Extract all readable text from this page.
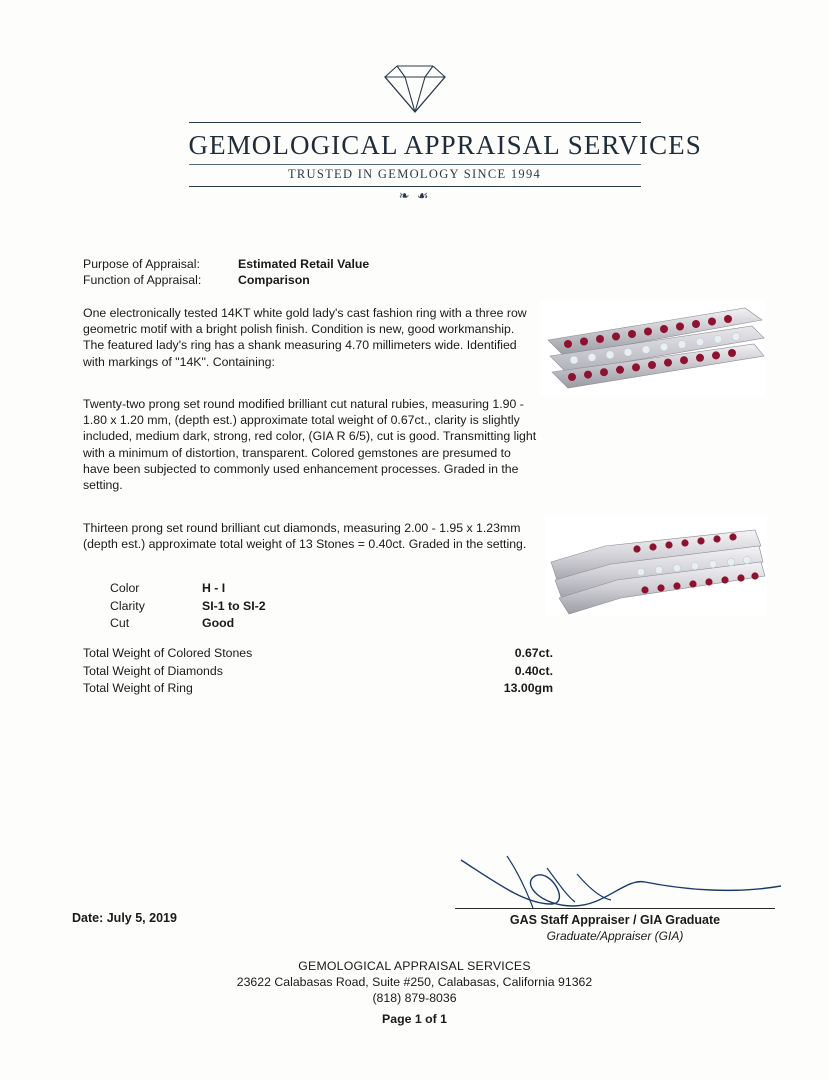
GEMOLOGICAL APPRAISAL SERVICES
TRUSTED IN GEMOLOGY SINCE 1994
❧ ☙
Purpose of Appraisal:	Estimated Retail Value
Function of Appraisal:	Comparison
One electronically tested 14KT white gold lady's cast fashion ring with a three row geometric motif with a bright polish finish. Condition is new, good workmanship. The featured lady's ring has a shank measuring 4.70 millimeters wide. Identified with markings of "14K". Containing:
Twenty-two prong set round modified brilliant cut natural rubies, measuring 1.90 - 1.80 x 1.20 mm, (depth est.) approximate total weight of 0.67ct., clarity is slightly included, medium dark, strong, red color, (GIA R 6/5), cut is good. Transmitting light with a minimum of distortion, transparent. Colored gemstones are presumed to have been subjected to commonly used enhancement processes. Graded in the setting.
Thirteen prong set round brilliant cut diamonds, measuring 2.00 - 1.95 x 1.23mm (depth est.) approximate total weight of 13 Stones = 0.40ct. Graded in the setting.
Color	H - I
Clarity	SI-1 to SI-2
Cut	Good
Total Weight of Colored Stones	0.67ct.
Total Weight of Diamonds	0.40ct.
Total Weight of Ring	13.00gm
GAS Staff Appraiser / GIA Graduate
Graduate/Appraiser (GIA)
Date: July 5, 2019
GEMOLOGICAL APPRAISAL SERVICES
23622 Calabasas Road, Suite #250, Calabasas, California 91362
(818) 879-8036
Page 1 of 1
